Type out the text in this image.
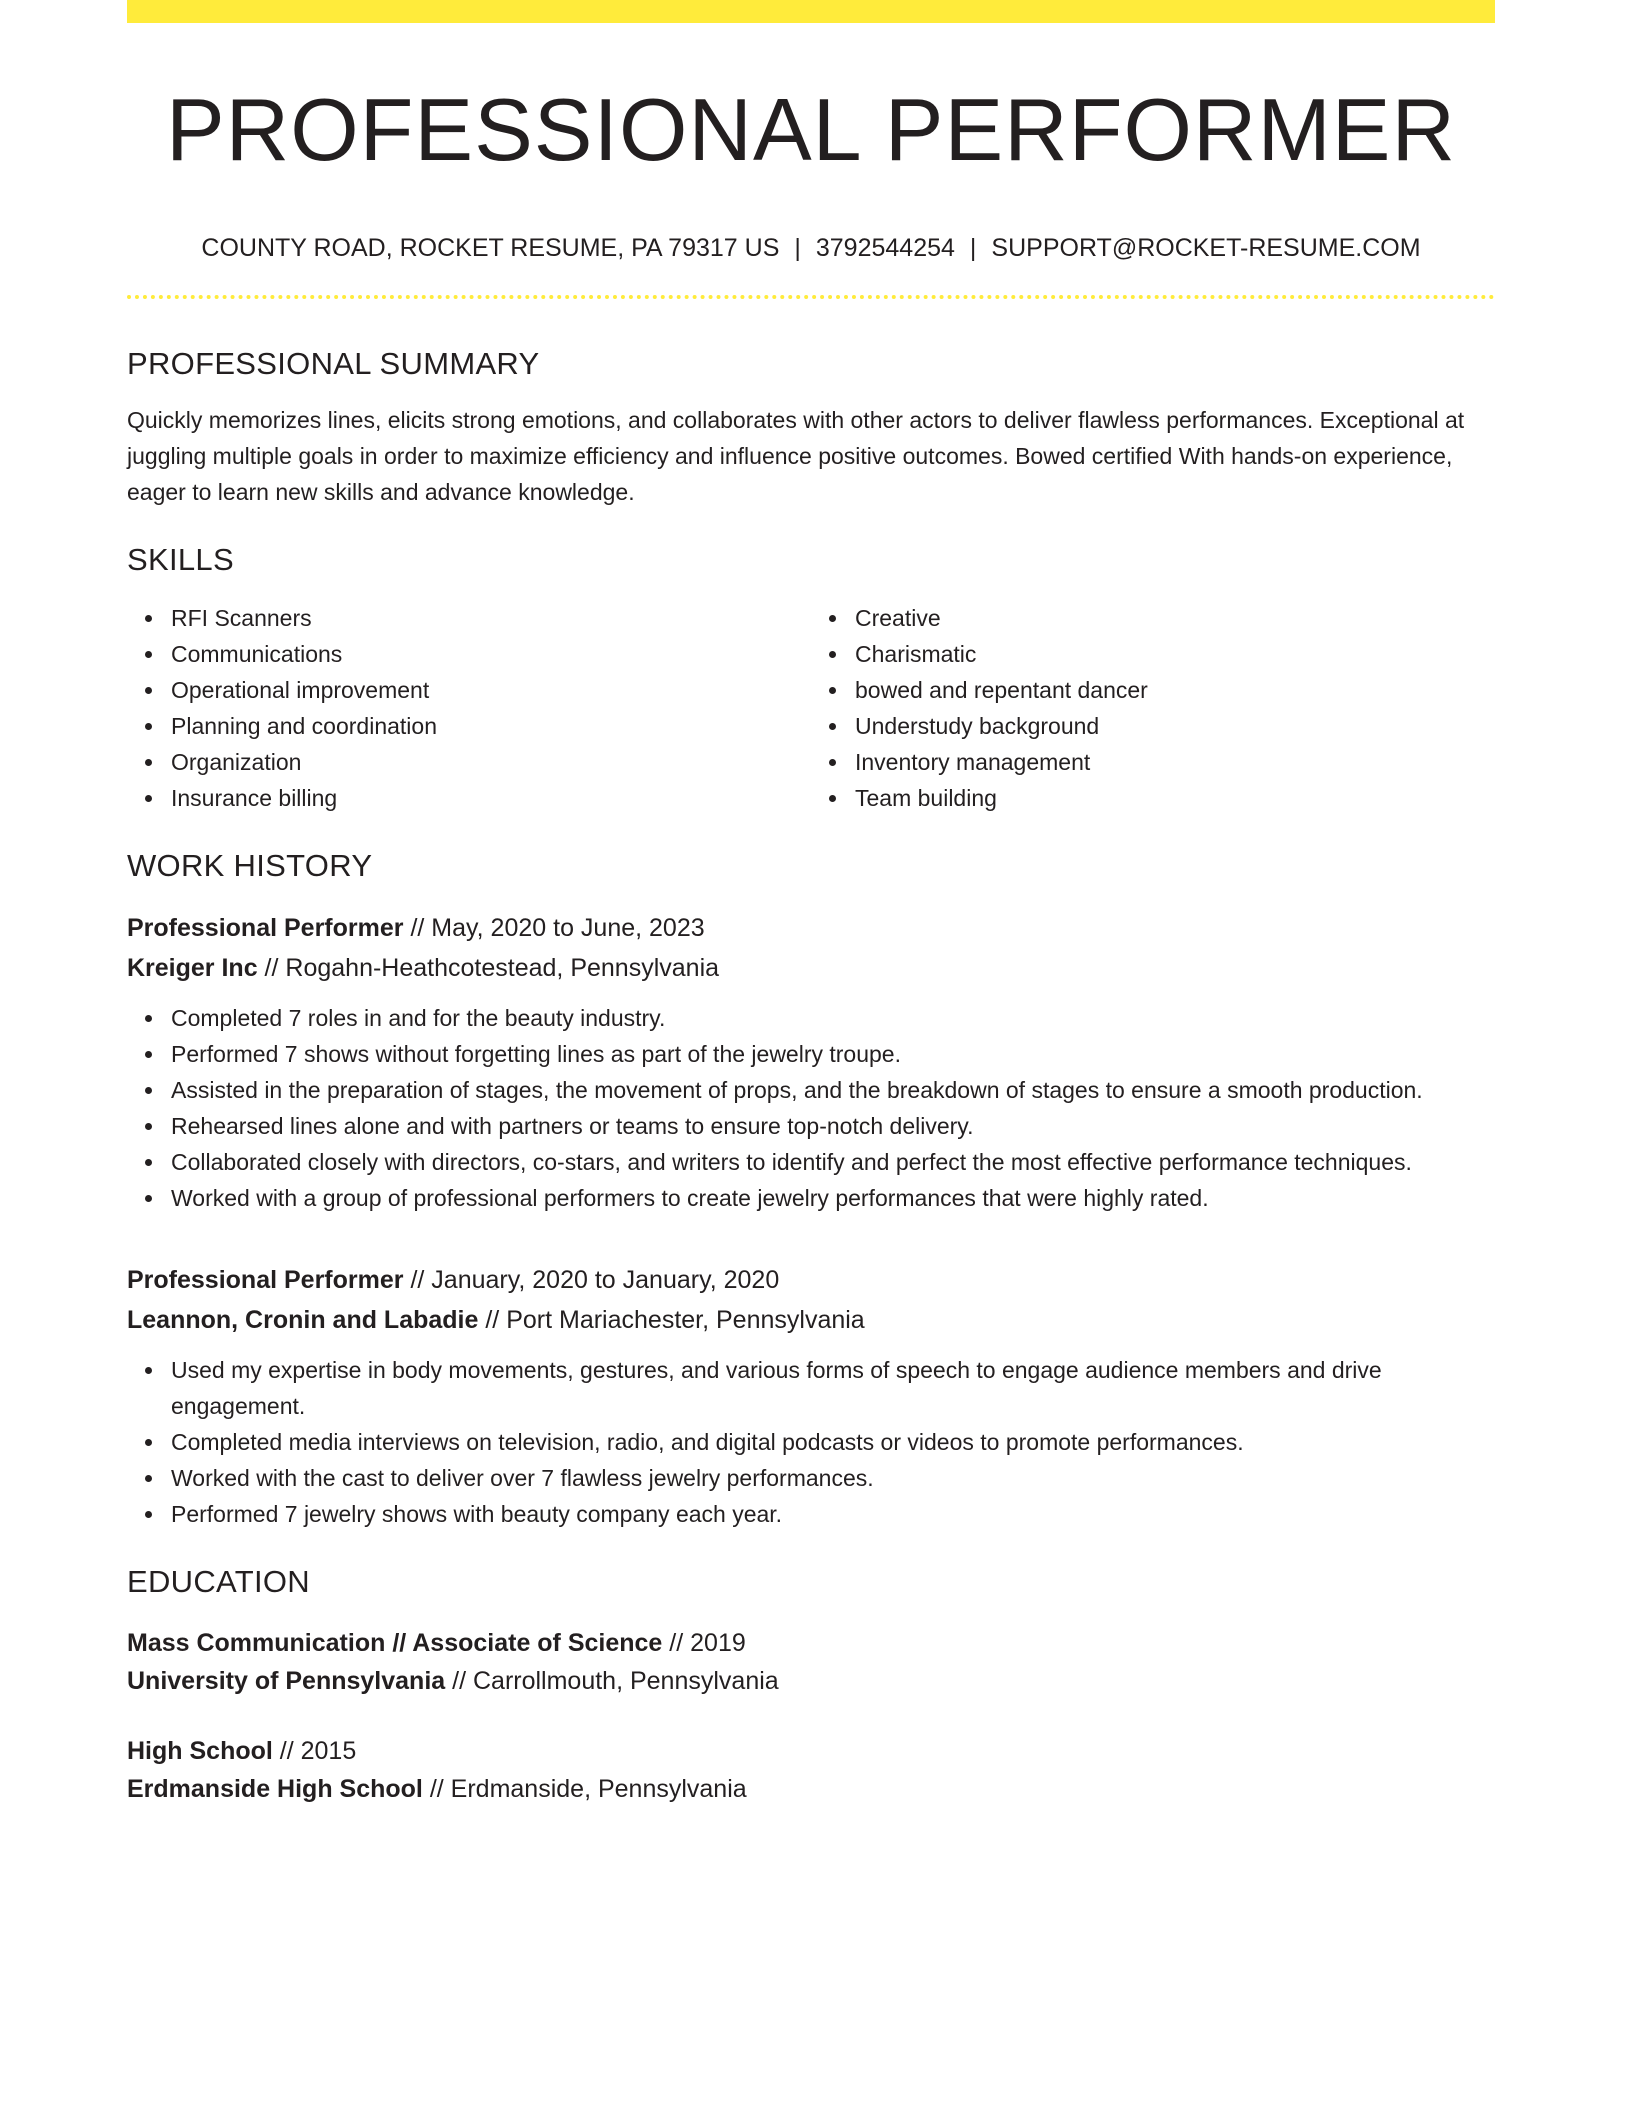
PROFESSIONAL PERFORMER
COUNTY ROAD, ROCKET RESUME, PA 79317 US | 3792544254 | SUPPORT@ROCKET-RESUME.COM
PROFESSIONAL SUMMARY
Quickly memorizes lines, elicits strong emotions, and collaborates with other actors to deliver flawless performances. Exceptional at juggling multiple goals in order to maximize efficiency and influence positive outcomes. Bowed certified With hands-on experience, eager to learn new skills and advance knowledge.
SKILLS
RFI Scanners
Communications
Operational improvement
Planning and coordination
Organization
Insurance billing
Creative
Charismatic
bowed and repentant dancer
Understudy background
Inventory management
Team building
WORK HISTORY
Professional Performer // May, 2020 to June, 2023
Kreiger Inc // Rogahn-Heathcotestead, Pennsylvania
Completed 7 roles in and for the beauty industry.
Performed 7 shows without forgetting lines as part of the jewelry troupe.
Assisted in the preparation of stages, the movement of props, and the breakdown of stages to ensure a smooth production.
Rehearsed lines alone and with partners or teams to ensure top-notch delivery.
Collaborated closely with directors, co-stars, and writers to identify and perfect the most effective performance techniques.
Worked with a group of professional performers to create jewelry performances that were highly rated.
Professional Performer // January, 2020 to January, 2020
Leannon, Cronin and Labadie // Port Mariachester, Pennsylvania
Used my expertise in body movements, gestures, and various forms of speech to engage audience members and drive engagement.
Completed media interviews on television, radio, and digital podcasts or videos to promote performances.
Worked with the cast to deliver over 7 flawless jewelry performances.
Performed 7 jewelry shows with beauty company each year.
EDUCATION
Mass Communication // Associate of Science // 2019
University of Pennsylvania // Carrollmouth, Pennsylvania
High School // 2015
Erdmanside High School // Erdmanside, Pennsylvania
